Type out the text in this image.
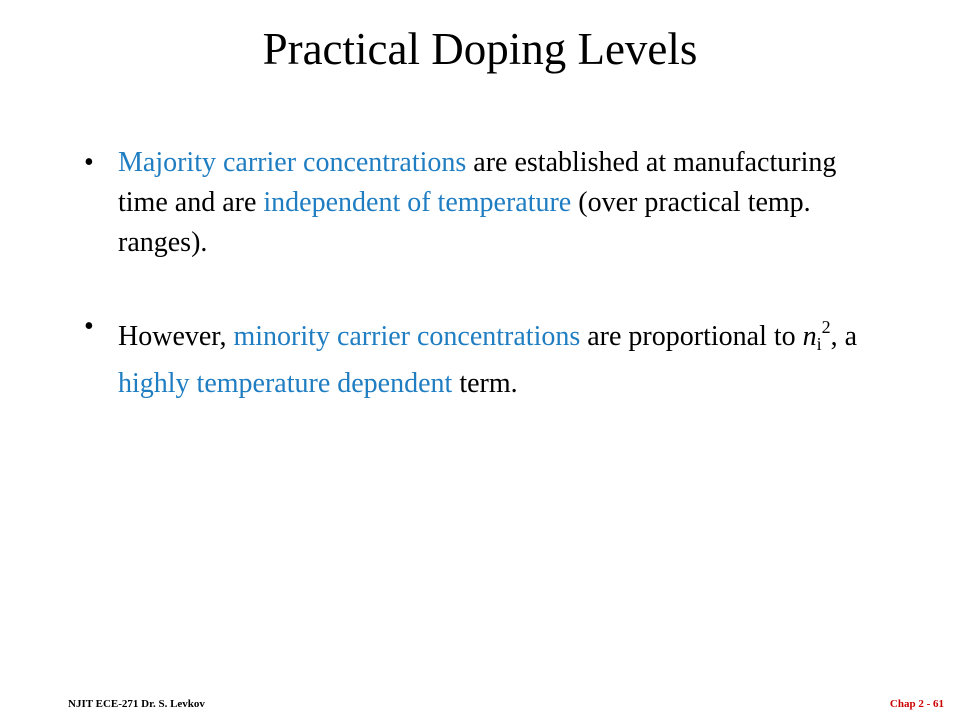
Practical Doping Levels
• Majority carrier concentrations are established at manufacturing time and are independent of temperature (over practical temp. ranges).
• However, minority carrier concentrations are proportional to $n_i^2$, a highly temperature dependent term.
NJIT ECE-271 Dr. S. Levkov	Chap 2 - 61
